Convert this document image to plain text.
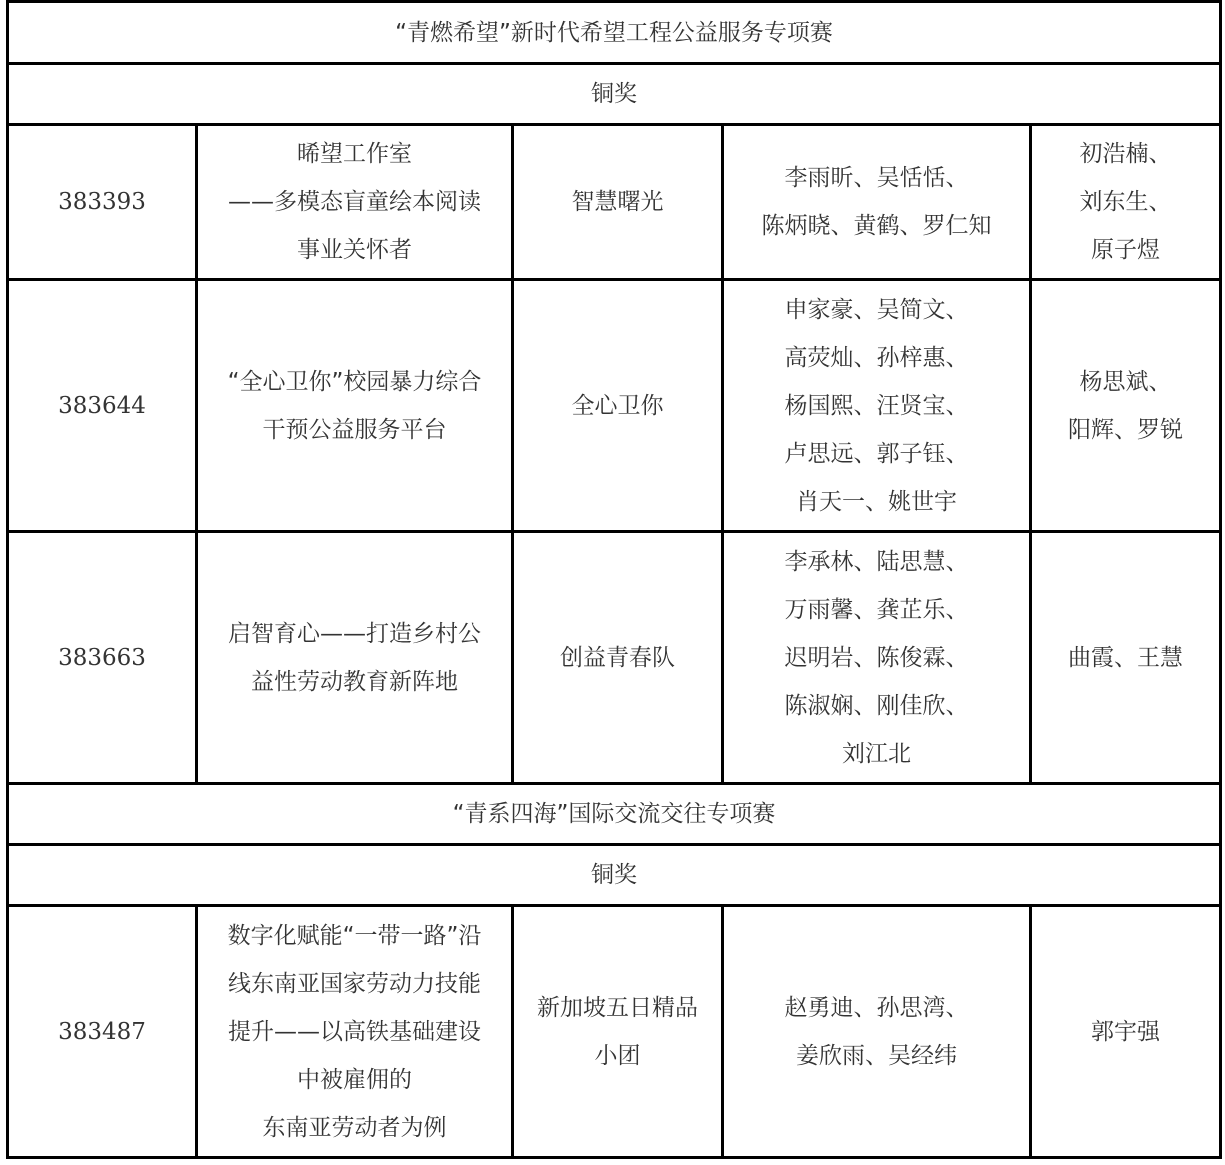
“青燃希望”新时代希望工程公益服务专项赛				
铜奖				
383393	晞望工作室
——多模态盲童绘本阅读
事业关怀者	智慧曙光	李雨昕、吴恬恬、
陈炳晓、黄鹤、罗仁知	初浩楠、
刘东生、
原子煜

383644	“全心卫你”校园暴力综合
干预公益服务平台	全心卫你	申家豪、吴简文、
高荧灿、孙梓惠、
杨国熙、汪贤宝、
卢思远、郭子钰、
肖天一、姚世宇	杨思斌、
阳辉、罗锐

383663	启智育心——打造乡村公
益性劳动教育新阵地	创益青春队	李承林、陆思慧、
万雨馨、龚芷乐、
迟明岩、陈俊霖、
陈淑娴、刚佳欣、
刘江北	曲霞、王慧

“青系四海”国际交流交往专项赛				
铜奖				
383487	数字化赋能“一带一路”沿
线东南亚国家劳动力技能
提升——以高铁基础建设
中被雇佣的
东南亚劳动者为例	新加坡五日精品
小团	赵勇迪、孙思湾、
姜欣雨、吴经纬	郭宇强
